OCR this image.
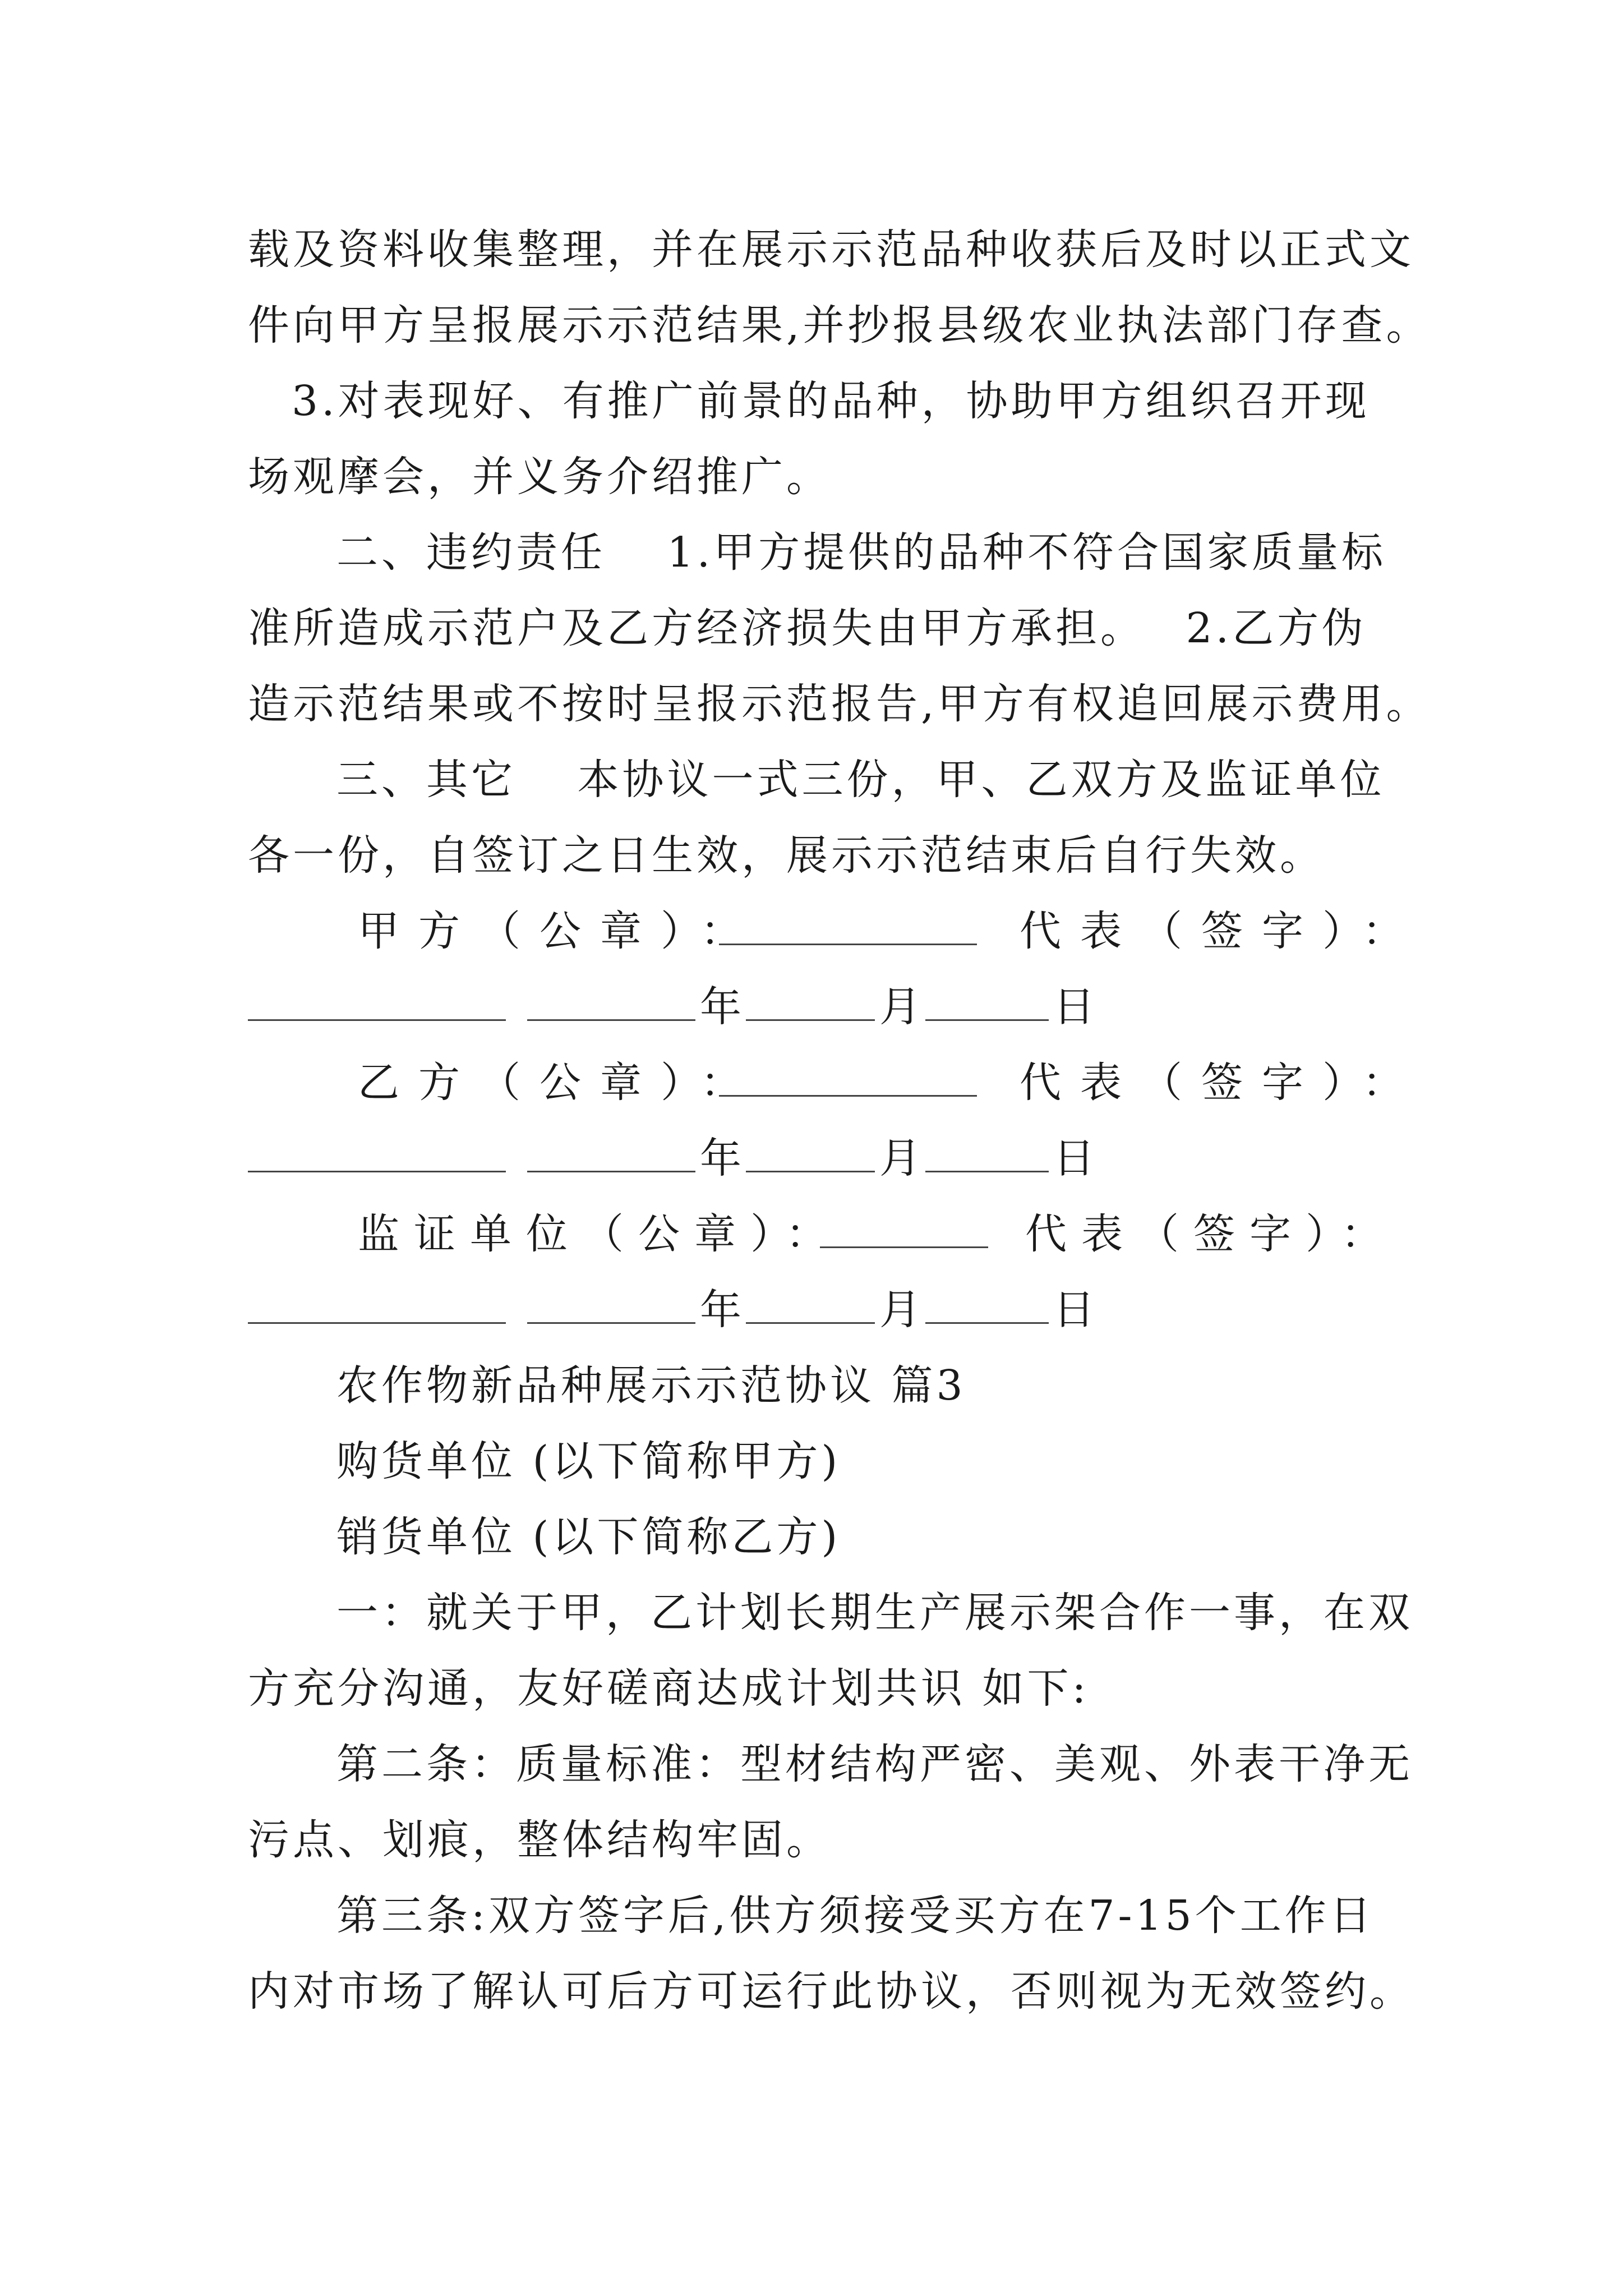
载及资料收集整理，并在展示示范品种收获后及时以正式文
件向甲方呈报展示示范结果,并抄报县级农业执法部门存查。
3.对表现好、有推广前景的品种，协助甲方组织召开现
场观摩会，并义务介绍推广。
二、违约责任　 1.甲方提供的品种不符合国家质量标
准所造成示范户及乙方经济损失由甲方承担。　 2.乙方伪
造示范结果或不按时呈报示范报告,甲方有权追回展示费用。
三、其它　 本协议一式三份，甲、乙双方及监证单位
各一份，自签订之日生效，展示示范结束后自行失效。
甲方（公章）：	代表（签字）：
年	月	日
乙方（公章）：	代表（签字）：
年	月	日
监证单位（公章）：	代表（签字）：
年	月	日
农作物新品种展示示范协议 篇3
购货单位 (以下简称甲方)
销货单位 (以下简称乙方)
一：就关于甲，乙计划长期生产展示架合作一事，在双
方充分沟通，友好磋商达成计划共识 如下:
第二条：质量标准：型材结构严密、美观、外表干净无
污点、划痕，整体结构牢固。
第三条:双方签字后,供方须接受买方在7-15个工作日
内对市场了解认可后方可运行此协议，否则视为无效签约。
